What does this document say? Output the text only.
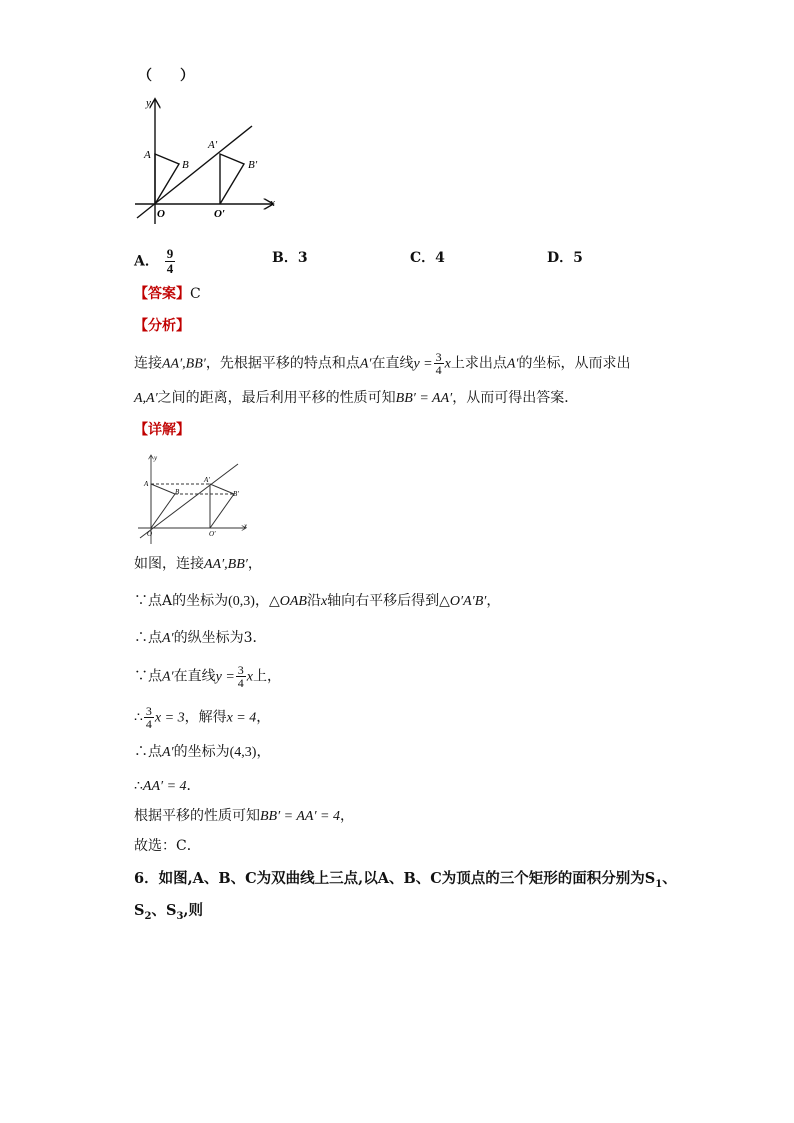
（　　）
y
x
A
B
O
A′
B′
O′
A． $\frac{9}{4}$	B．3	C．4	D．5
【答案】C
【分析】
连接AA′,BB′，先根据平移的特点和点A′在直线$y = \frac{3}{4}$ x上求出点A′的坐标，从而求出
A,A′之间的距离，最后利用平移的性质可知BB′ = AA′，从而可得出答案．
【详解】
y
x
A
B
O
A′
B′
O′
如图，连接AA′,BB′，
∵点A的坐标为(0,3)，△OAB沿x轴向右平移后得到△O′A′B′，
∴点A′的纵坐标为3．
∵点A′在直线$y = \frac{3}{4}$ x上，
∴ $\frac{3}{4}$ x = 3，解得x = 4，
∴点A′的坐标为(4,3)，
∴AA′ = 4．
根据平移的性质可知BB′ = AA′ = 4，
故选：C．
6．如图,A、B、C为双曲线上三点,以A、B、C为顶点的三个矩形的面积分别为$S_1$、
$S_2$、$S_3$,则
